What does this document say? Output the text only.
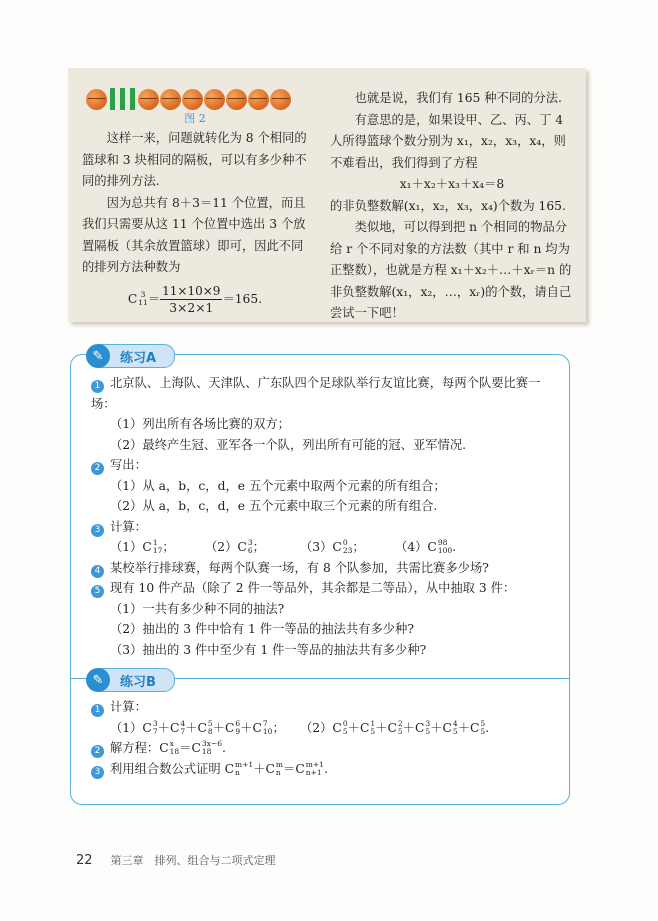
图 2

这样一来，问题就转化为 8 个相同的篮球和 3 块相同的隔板，可以有多少种不同的排列方法.

因为总共有 8＋3＝11 个位置，而且我们只需要从这 11 个位置中选出 3 个放置隔板（其余放置篮球）即可，因此不同的排列方法种数为

C 3
$11 = \frac{11\times 10\times 9}{3\times 2\times 1} =165$.

也就是说，我们有 165 种不同的分法.

有意思的是，如果设甲、乙、丙、丁 4 人所得篮球个数分别为 x₁，x₂，x₃，x₄，则不难看出，我们得到了方程

x₁＋x₂＋x₃＋x₄＝8

的非负整数解(x₁，x₂，x₃，x₄)个数为 165.

类似地，可以得到把 n 个相同的物品分给 r 个不同对象的方法数（其中 r 和 n 均为正整数），也就是方程 x₁＋x₂＋…＋xᵣ＝n 的非负整数解(x₁，x₂，…，xᵣ)的个数，请自己尝试一下吧！

✎	练习A
1 北京队、上海队、天津队、广东队四个足球队举行友谊比赛，每两个队要比赛一场：
（1）列出所有各场比赛的双方；
（2）最终产生冠、亚军各一个队，列出所有可能的冠、亚军情况.
2 写出：
（1）从 a，b，c，d，e 五个元素中取两个元素的所有组合；
（2）从 a，b，c，d，e 五个元素中取三个元素的所有组合.
3 计算：
（1） C 1
17 ；	（2） C 3
6 ；	（3） C 0
23 ；	（4） C 98
100 .
4 某校举行排球赛，每两个队赛一场，有 8 个队参加，共需比赛多少场?
5 现有 10 件产品（除了 2 件一等品外，其余都是二等品），从中抽取 3 件：
（1）一共有多少种不同的抽法?
（2）抽出的 3 件中恰有 1 件一等品的抽法共有多少种?
（3）抽出的 3 件中至少有 1 件一等品的抽法共有多少种?
✎	练习B
1 计算：
（1） C 3
7 ＋ C 4
7 ＋ C 5
8 ＋ C 6
9 ＋ C 7
10 ；	（2） C 0
5 ＋ C 1
5 ＋ C 2
5 ＋ C 3
5 ＋ C 4
5 ＋ C 5
5 .
2 解方程： C x
18 ＝ C 3x−6
18 .
3 利用组合数公式证明 C m+1
n	＋ C m
n ＝ C m+1
n+1 .
22 第三章　排列、组合与二项式定理
